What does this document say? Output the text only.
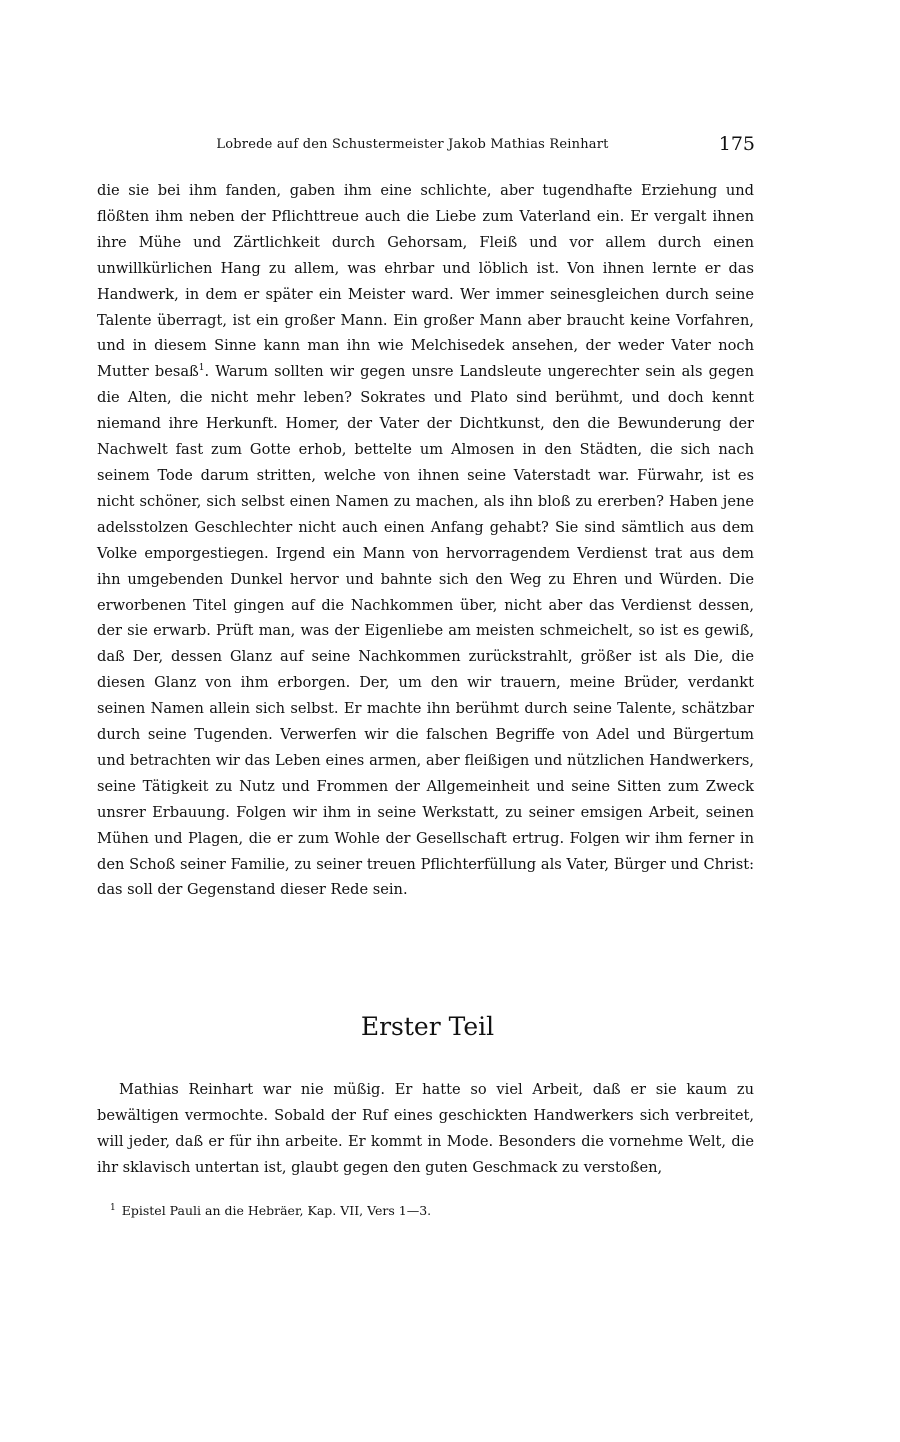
Lobrede auf den Schustermeister Jakob Mathias Reinhart	175

die sie bei ihm fanden, gaben ihm eine schlichte, aber tugendhafte Erziehung und flößten ihm neben der Pflichttreue auch die Liebe zum Vaterland ein. Er vergalt ihnen ihre Mühe und Zärtlichkeit durch Gehorsam, Fleiß und vor allem durch einen unwillkürlichen Hang zu allem, was ehrbar und löblich ist. Von ihnen lernte er das Handwerk, in dem er später ein Meister ward. Wer immer seinesgleichen durch seine Talente überragt, ist ein großer Mann. Ein großer Mann aber braucht keine Vorfahren, und in diesem Sinne kann man ihn wie Melchisedek ansehen, der weder Vater noch Mutter besaß$^1$. Warum sollten wir gegen unsre Landsleute ungerechter sein als gegen die Alten, die nicht mehr leben? Sokrates und Plato sind berühmt, und doch kennt niemand ihre Herkunft. Homer, der Vater der Dichtkunst, den die Bewunderung der Nachwelt fast zum Gotte erhob, bettelte um Almosen in den Städten, die sich nach seinem Tode darum stritten, welche von ihnen seine Vaterstadt war. Fürwahr, ist es nicht schöner, sich selbst einen Namen zu machen, als ihn bloß zu ererben? Haben jene adelsstolzen Geschlechter nicht auch einen Anfang gehabt? Sie sind sämtlich aus dem Volke emporgestiegen. Irgend ein Mann von hervorragendem Verdienst trat aus dem ihn umgebenden Dunkel hervor und bahnte sich den Weg zu Ehren und Würden. Die erworbenen Titel gingen auf die Nachkommen über, nicht aber das Verdienst dessen, der sie erwarb. Prüft man, was der Eigenliebe am meisten schmeichelt, so ist es gewiß, daß Der, dessen Glanz auf seine Nachkommen zurückstrahlt, größer ist als Die, die diesen Glanz von ihm erborgen. Der, um den wir trauern, meine Brüder, verdankt seinen Namen allein sich selbst. Er machte ihn berühmt durch seine Talente, schätzbar durch seine Tugenden. Verwerfen wir die falschen Begriffe von Adel und Bürgertum und betrachten wir das Leben eines armen, aber fleißigen und nützlichen Handwerkers, seine Tätigkeit zu Nutz und Frommen der Allgemeinheit und seine Sitten zum Zweck unsrer Erbauung. Folgen wir ihm in seine Werkstatt, zu seiner emsigen Arbeit, seinen Mühen und Plagen, die er zum Wohle der Gesellschaft ertrug. Folgen wir ihm ferner in den Schoß seiner Familie, zu seiner treuen Pflichterfüllung als Vater, Bürger und Christ: das soll der Gegenstand dieser Rede sein.

Erster Teil

Mathias Reinhart war nie müßig. Er hatte so viel Arbeit, daß er sie kaum zu bewältigen vermochte. Sobald der Ruf eines geschickten Handwerkers sich verbreitet, will jeder, daß er für ihn arbeite. Er kommt in Mode. Besonders die vornehme Welt, die ihr sklavisch untertan ist, glaubt gegen den guten Geschmack zu verstoßen,

$^1$ Epistel Pauli an die Hebräer, Kap. VII, Vers 1—3.
